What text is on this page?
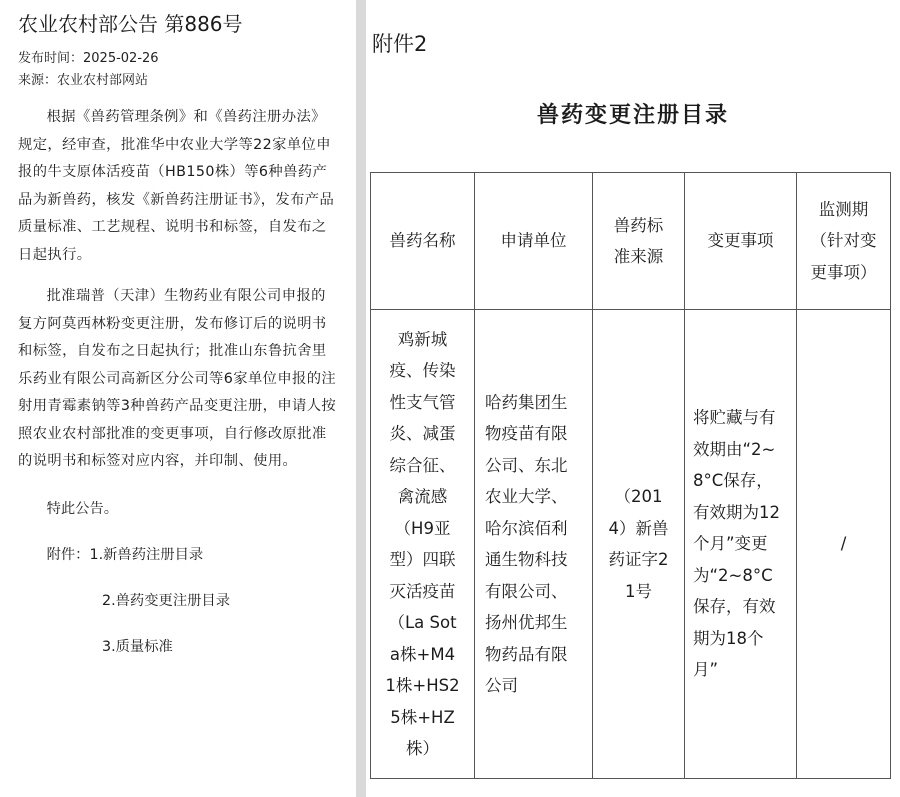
农业农村部公告 第886号
发布时间：2025-02-26
来源：农业农村部网站

根据《兽药管理条例》和《兽药注册办法》规定，经审查，批准华中农业大学等22家单位申报的牛支原体活疫苗（HB150株）等6种兽药产品为新兽药，核发《新兽药注册证书》，发布产品质量标准、工艺规程、说明书和标签，自发布之日起执行。

批准瑞普（天津）生物药业有限公司申报的复方阿莫西林粉变更注册，发布修订后的说明书和标签，自发布之日起执行；批准山东鲁抗舍里乐药业有限公司高新区分公司等6家单位申报的注射用青霉素钠等3种兽药产品变更注册，申请人按照农业农村部批准的变更事项，自行修改原批准的说明书和标签对应内容，并印制、使用。

特此公告。
附件：1.新兽药注册目录
2.兽药变更注册目录
3.质量标准
附件2
兽药变更注册目录
兽药名称	申请单位	兽药标准来源	变更事项	监测期（针对变更事项）
鸡新城疫、传染性支气管炎、减蛋综合征、禽流感（H9亚型）四联灭活疫苗（La Sota株+M41株+HS25株+HZ株）	哈药集团生物疫苗有限公司、东北农业大学、哈尔滨佰利通生物科技有限公司、扬州优邦生物药品有限公司	（2014）新兽药证字21号	将贮藏与有效期由“2~8°C保存，有效期为12个月”变更为“2~8°C保存，有效期为18个月”	/
